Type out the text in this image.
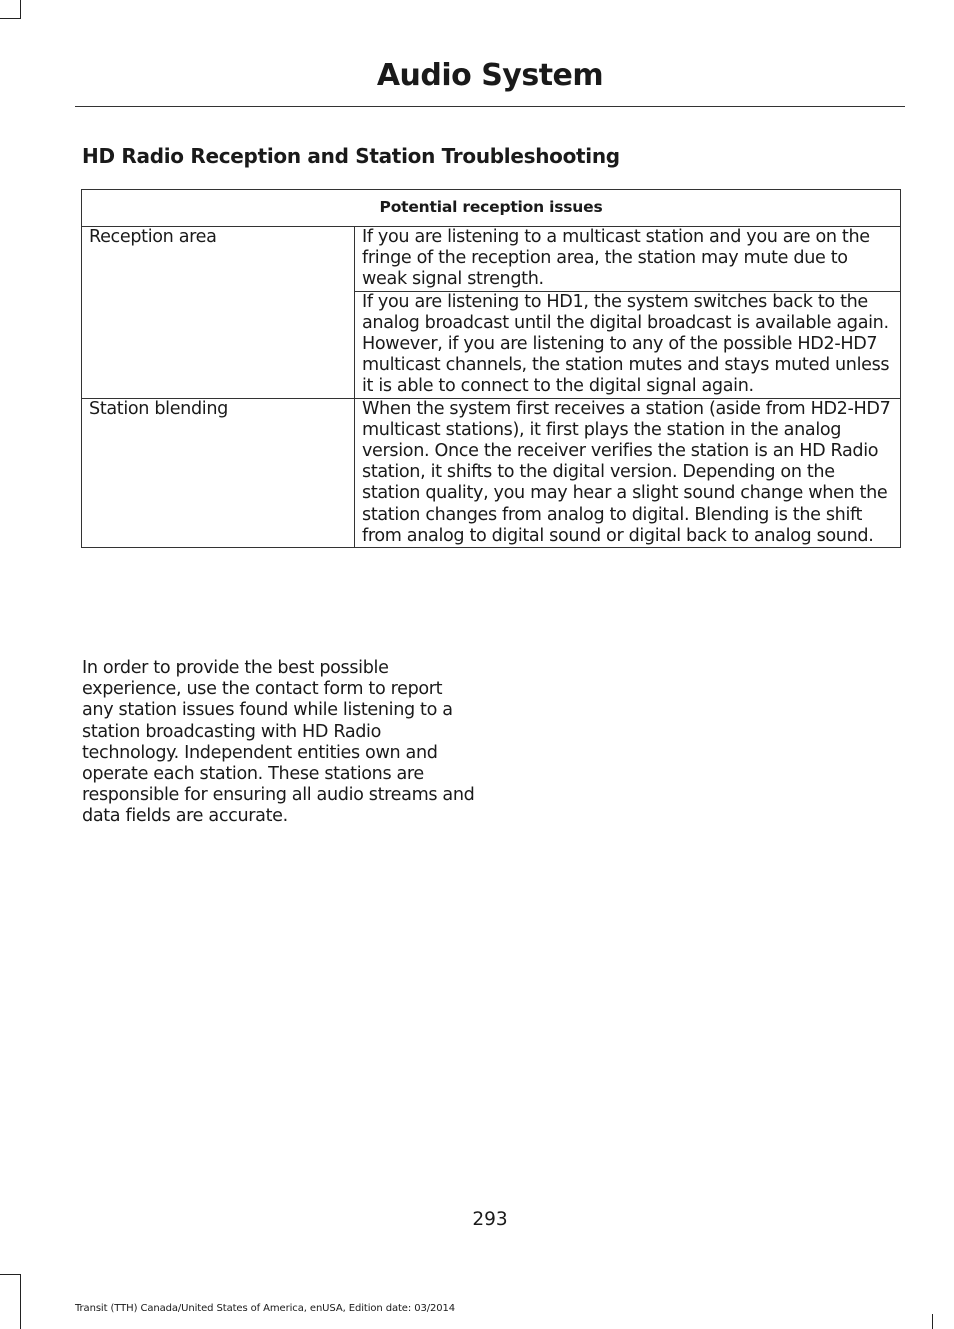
Audio System
HD Radio Reception and Station Troubleshooting
Potential reception issues	
Reception area	If you are listening to a multicast station and you are on the fringe of the reception area, the station may mute due to weak signal strength.
	If you are listening to HD1, the system switches back to the analog broadcast until the digital broadcast is available again. However, if you are listening to any of the possible HD2-HD7 multicast channels, the station mutes and stays muted unless it is able to connect to the digital signal again.
Station blending	When the system first receives a station (aside from HD2-HD7 multicast stations), it first plays the station in the analog version. Once the receiver verifies the station is an HD Radio station, it shifts to the digital version. Depending on the station quality, you may hear a slight sound change when the station changes from analog to digital. Blending is the shift from analog to digital sound or digital back to analog sound.
In order to provide the best possible experience, use the contact form to report any station issues found while listening to a station broadcasting with HD Radio technology. Independent entities own and operate each station. These stations are responsible for ensuring all audio streams and data fields are accurate.
293
Transit (TTH) Canada/United States of America, enUSA, Edition date: 03/2014
